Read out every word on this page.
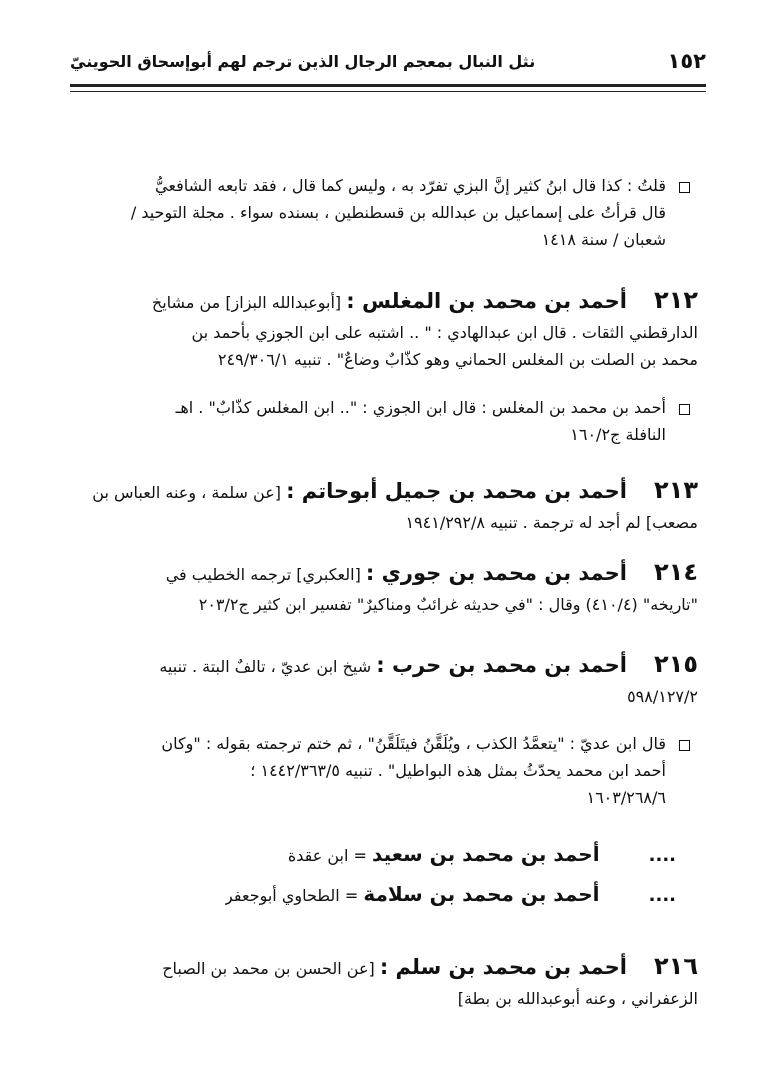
١٥٢
نثل النبال بمعجم الرجال الذين ترجم لهم أبوإسحاق الحوينيّ
قلتُ : كذا قال ابنُ كثير إنَّ البزي تفرّد به ، وليس كما قال ، فقد تابعه الشافعيُّ
قال قرأتُ على إسماعيل بن عبدالله بن قسطنطين ، بسنده سواء . مجلة التوحيد /
شعبان / سنة ١٤١٨
٢١٢ أحمد بن محمد بن المغلس : [أبوعبدالله البزاز] من مشايخ
الدارقطني الثقات . قال ابن عبدالهادي : " .. اشتبه على ابن الجوزي بأحمد بن
محمد بن الصلت بن المغلس الحماني وهو كذّابٌ وضاعٌ" . تنبيه ٢٤٩/٣٠٦/١
أحمد بن محمد بن المغلس : قال ابن الجوزي : ".. ابن المغلس كذّابٌ" . اهـ
النافلة ج١٦٠/٢
٢١٣ أحمد بن محمد بن جميل أبوحاتم : [عن سلمة ، وعنه العباس بن
مصعب] لم أجد له ترجمة . تنبيه ١٩٤١/٢٩٢/٨
٢١٤ أحمد بن محمد بن جوري : [العكبري] ترجمه الخطيب في
"تاريخه" (٤١٠/٤) وقال : "في حديثه غرائبٌ ومناكيرٌ" تفسير ابن كثير ج٢٠٣/٢
٢١٥ أحمد بن محمد بن حرب : شيخ ابن عديّ ، تالفٌ البتة . تنبيه
٥٩٨/١٢٧/٢
قال ابن عديّ : "يتعمَّدُ الكذب ، ويُلَقَّنُ فيتَلَقَّنُ" ، ثم ختم ترجمته بقوله : "وكان
أحمد ابن محمد يحدّثُ بمثل هذه البواطيل" . تنبيه ١٤٤٢/٣٦٣/٥ ؛
١٦٠٣/٢٦٨/٦
.... أحمد بن محمد بن سعيد = ابن عقدة
.... أحمد بن محمد بن سلامة = الطحاوي أبوجعفر
٢١٦ أحمد بن محمد بن سلم : [عن الحسن بن محمد بن الصباح
الزعفراني ، وعنه أبوعبدالله بن بطة]
